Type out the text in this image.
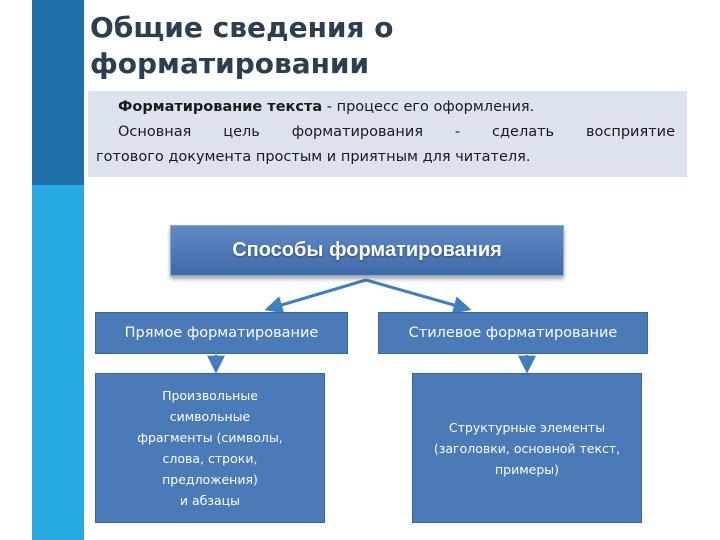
Общие сведения о
форматировании
Форматирование текста - процесс его оформления.
Основная цель форматирования - сделать восприятие
готового документа простым и приятным для читателя.
Способы форматирования
Прямое форматирование	Стилевое форматирование
Произвольные
символьные
фрагменты (символы,
слова, строки,
предложения)
и абзацы
Структурные элементы
(заголовки, основной текст,
примеры)
